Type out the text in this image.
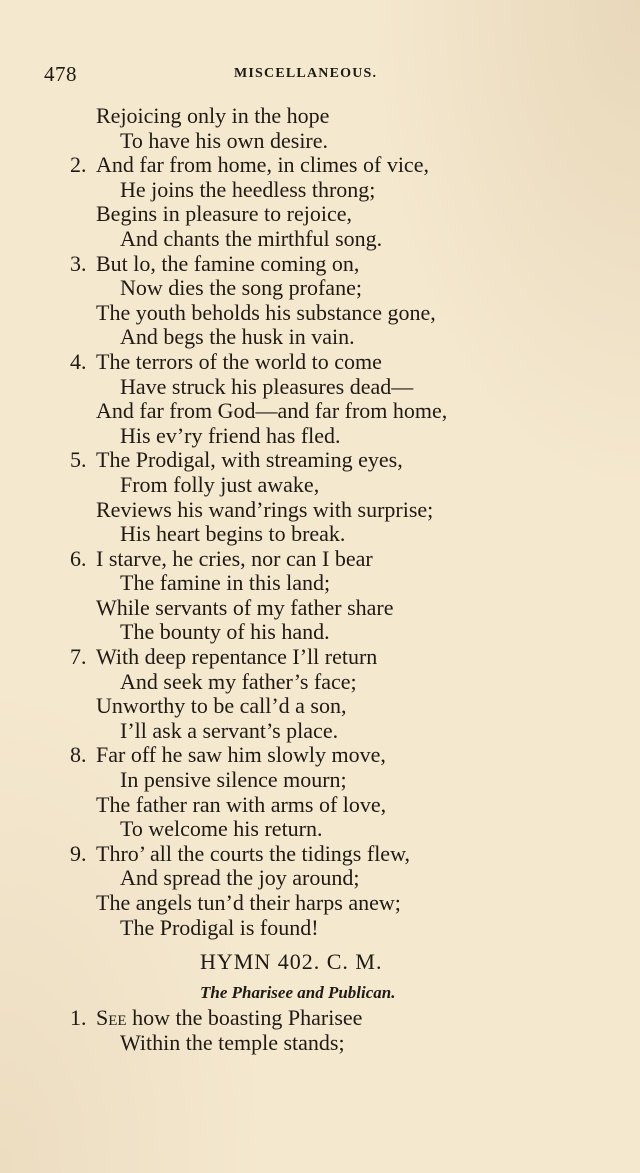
478	MISCELLANEOUS.
Rejoicing only in the hope
To have his own desire.
2. And far from home, in climes of vice,
He joins the heedless throng;
Begins in pleasure to rejoice,
And chants the mirthful song.
3. But lo, the famine coming on,
Now dies the song profane;
The youth beholds his substance gone,
And begs the husk in vain.
4. The terrors of the world to come
Have struck his pleasures dead—
And far from God—and far from home,
His ev’ry friend has fled.
5. The Prodigal, with streaming eyes,
From folly just awake,
Reviews his wand’rings with surprise;
His heart begins to break.
6. I starve, he cries, nor can I bear
The famine in this land;
While servants of my father share
The bounty of his hand.
7. With deep repentance I’ll return
And seek my father’s face;
Unworthy to be call’d a son,
I’ll ask a servant’s place.
8. Far off he saw him slowly move,
In pensive silence mourn;
The father ran with arms of love,
To welcome his return.
9. Thro’ all the courts the tidings flew,
And spread the joy around;
The angels tun’d their harps anew;
The Prodigal is found!
HYMN 402. C. M.
The Pharisee and Publican.
1. See how the boasting Pharisee
Within the temple stands;
